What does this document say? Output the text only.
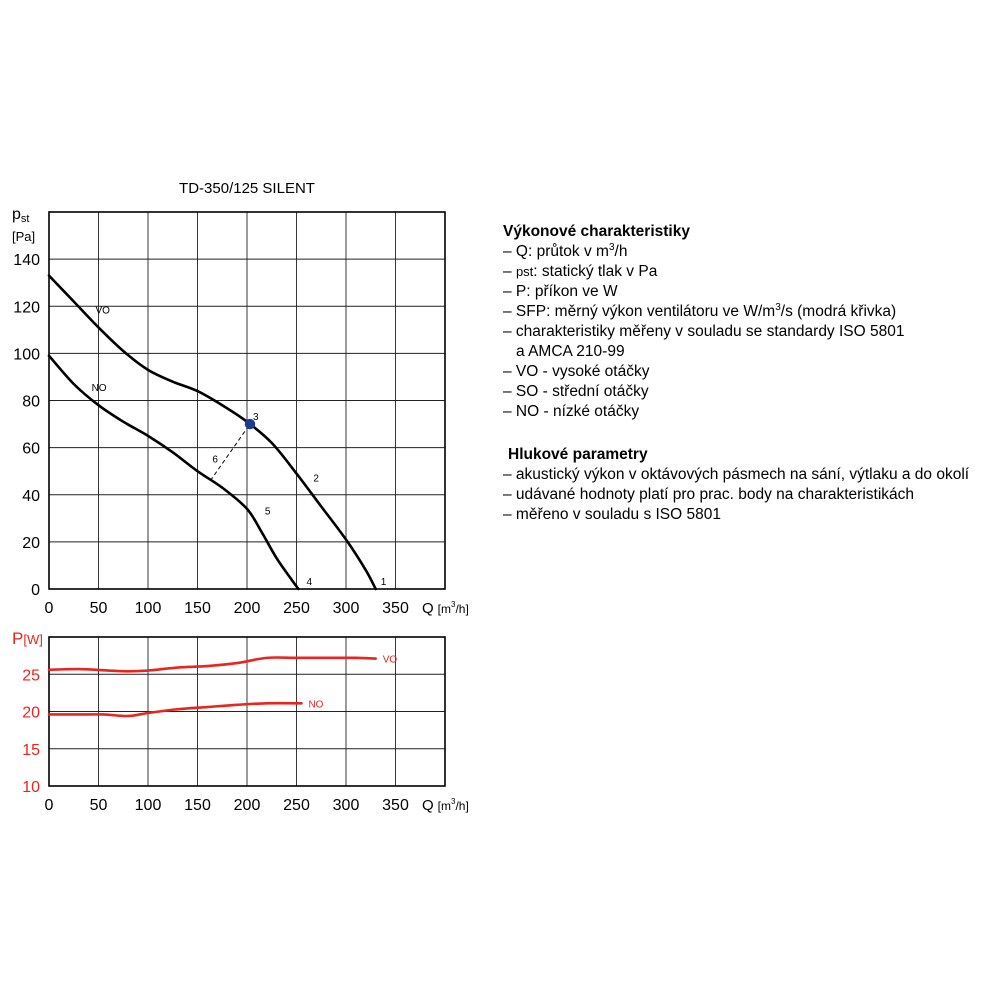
0 50 100 150 200 250 300 350
0
20
40
60
80
100
120
140
Q [$m^3_{/h]}$
TD-350/125 SILENT
pst
[Pa]
1
2
3
4
5
6
VO
NO
0 50 100 150 200 250 300 350
10
15
20
25
Q [$m^3_{/h]}$
P[W]
VO
NO
Výkonové charakteristiky
– Q: průtok v $m^3/h$
– pst: statický tlak v Pa
– P: příkon ve W
– SFP: měrný výkon ventilátoru ve $W/m^3/s$ (modrá křivka)
– charakteristiky měřeny v souladu se standardy ISO 5801
a AMCA 210-99
– VO - vysoké otáčky
– SO - střední otáčky
– NO - nízké otáčky
Hlukové parametry
– akustický výkon v oktávových pásmech na sání, výtlaku a do okolí
– udávané hodnoty platí pro prac. body na charakteristikách
– měřeno v souladu s ISO 5801
